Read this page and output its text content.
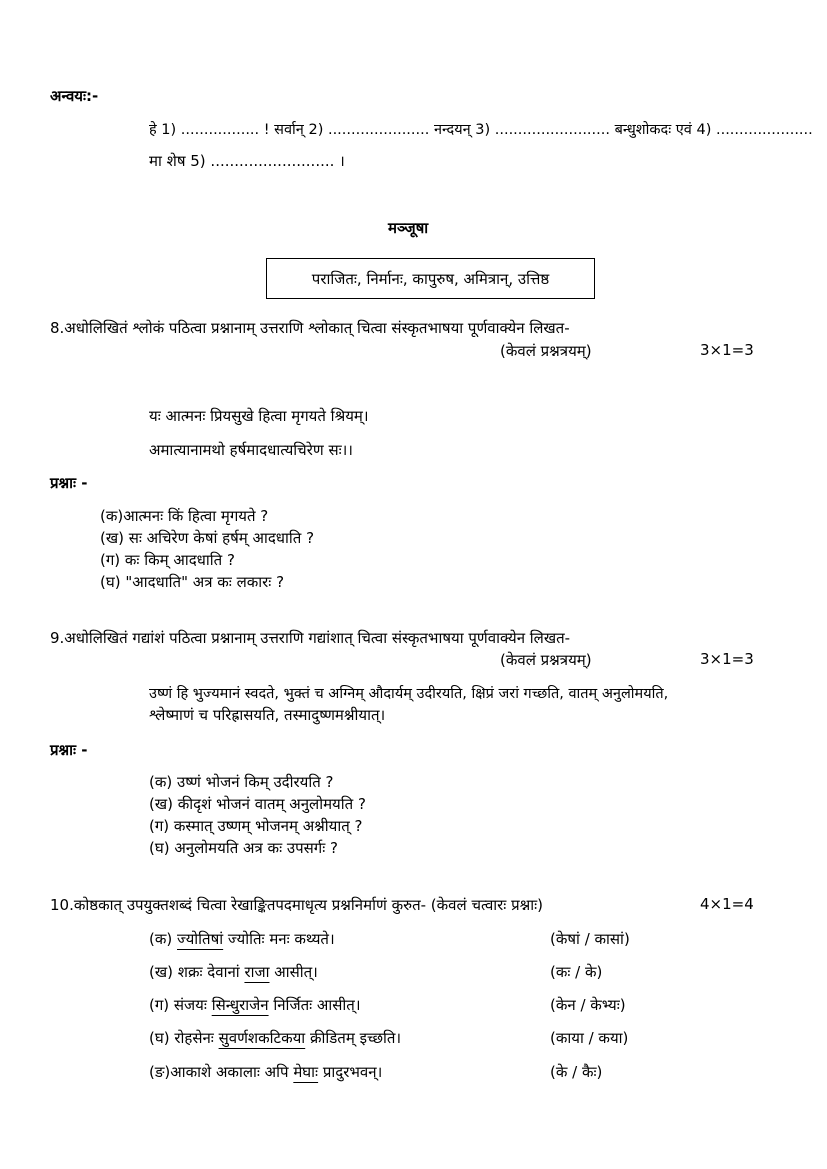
अन्वयः:-
हे 1) ................. ! सर्वान् 2) ...................... नन्दयन् 3) ......................... बन्धुशोकदः एवं 4) .....................
मा शेष 5) .......................... ।
मञ्जूषा
पराजितः, निर्मानः, कापुरुष, अमित्रान्, उत्तिष्ठ
8.अधोलिखितं श्लोकं पठित्वा प्रश्नानाम् उत्तराणि श्लोकात् चित्वा संस्कृतभाषया पूर्णवाक्येन लिखत-
(केवलं प्रश्नत्रयम्)	3×1=3
यः आत्मनः प्रियसुखे हित्वा मृगयते श्रियम्।
अमात्यानामथो हर्षमादधात्यचिरेण सः।।
प्रश्नाः -
(क)आत्मनः किं हित्वा मृगयते ?
(ख) सः अचिरेण केषां हर्षम् आदधाति ?
(ग) कः किम् आदधाति ?
(घ) "आदधाति" अत्र कः लकारः ?
9.अधोलिखितं गद्यांशं पठित्वा प्रश्नानाम् उत्तराणि गद्यांशात् चित्वा संस्कृतभाषया पूर्णवाक्येन लिखत-
(केवलं प्रश्नत्रयम्)	3×1=3
उष्णं हि भुज्यमानं स्वदते, भुक्तं च अग्निम् औदार्यम् उदीरयति, क्षिप्रं जरां गच्छति, वातम् अनुलोमयति,
श्लेष्माणं च परिह्रासयति, तस्मादुष्णमश्नीयात्।
प्रश्नाः -
(क) उष्णं भोजनं किम् उदीरयति ?
(ख) कीदृशं भोजनं वातम् अनुलोमयति ?
(ग) कस्मात् उष्णम् भोजनम् अश्नीयात् ?
(घ) अनुलोमयति अत्र कः उपसर्गः ?
10.कोष्ठकात् उपयुक्तशब्दं चित्वा रेखाङ्कितपदमाधृत्य प्रश्ननिर्माणं कुरुत- (केवलं चत्वारः प्रश्नाः)	4×1=4
(क) ज्योतिषां ज्योतिः मनः कथ्यते।	(केषां / कासां)
(ख) शक्रः देवानां राजा आसीत्।	(कः / के)
(ग) संजयः सिन्धुराजेन निर्जितः आसीत्।	(केन / केभ्यः)
(घ) रोहसेनः सुवर्णशकटिकया क्रीडितम् इच्छति।	(काया / कया)
(ङ)आकाशे अकालाः अपि मेघाः प्रादुरभवन्।	(के / कैः)
